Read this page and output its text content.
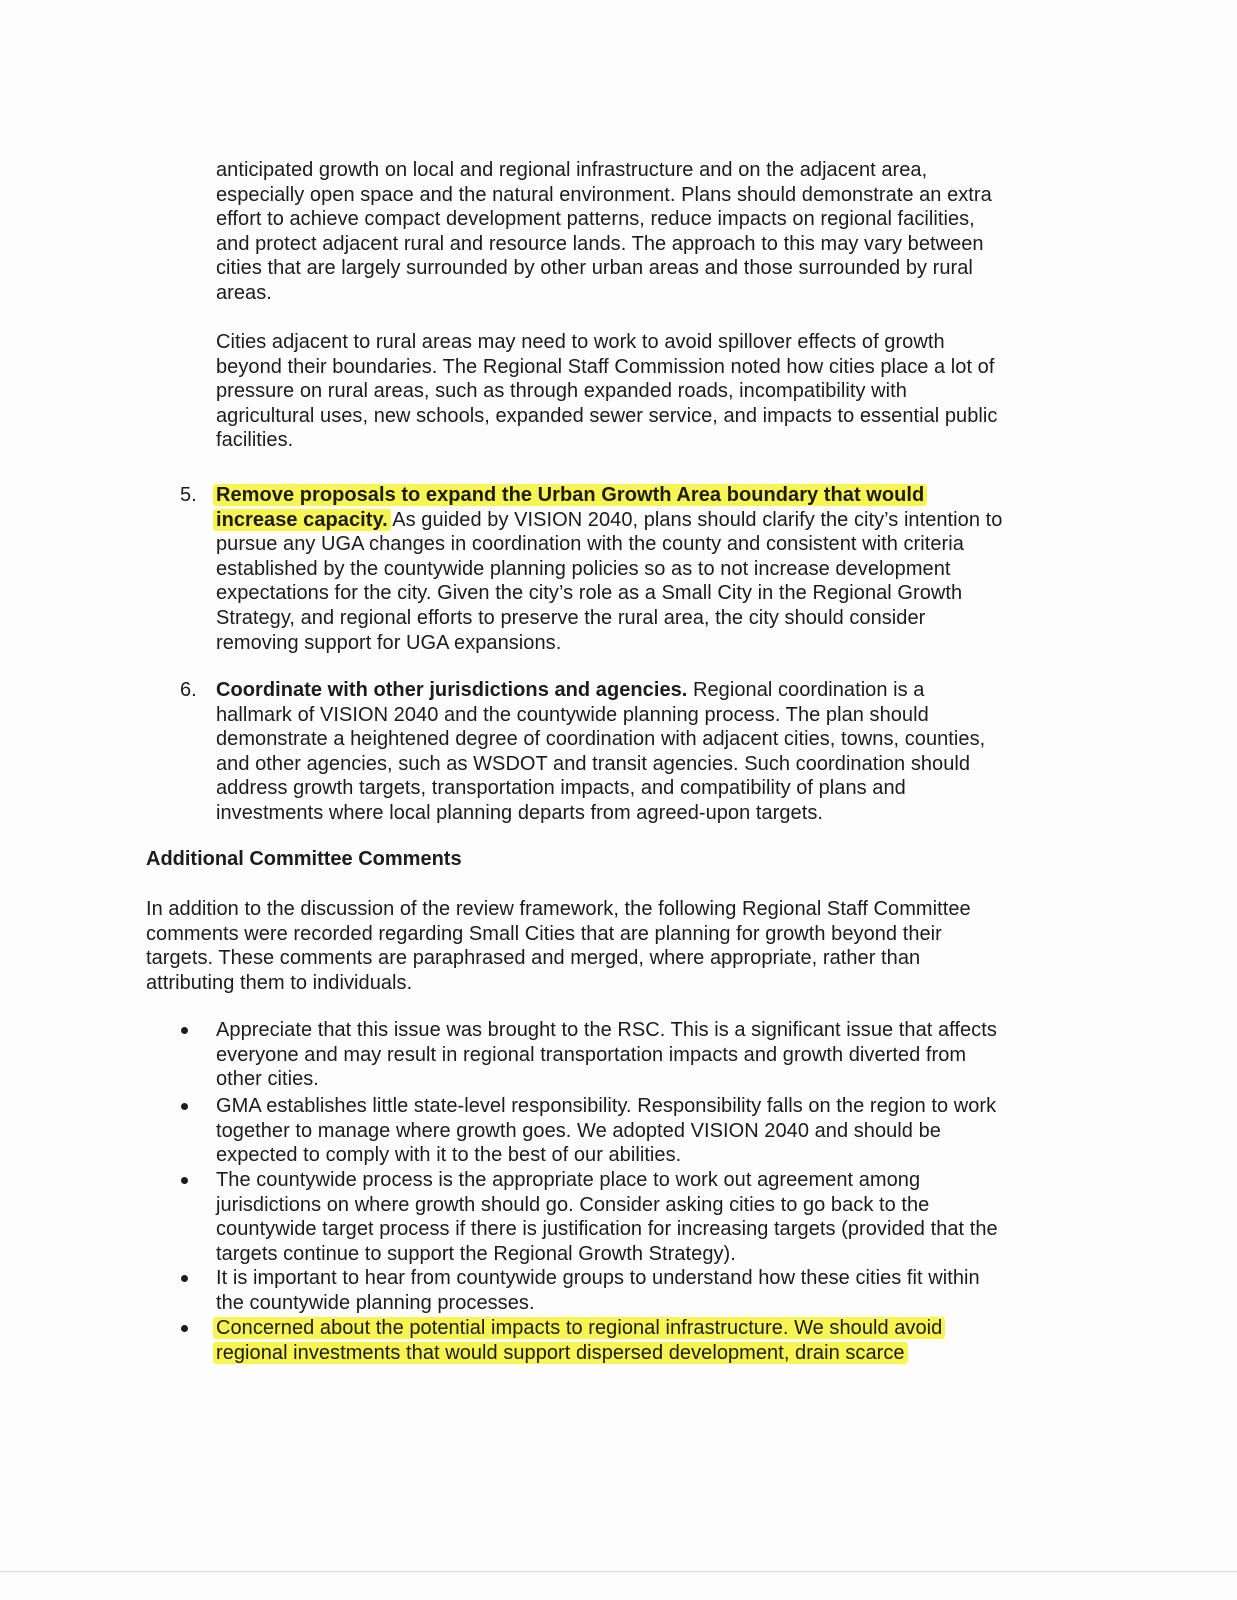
anticipated growth on local and regional infrastructure and on the adjacent area,
especially open space and the natural environment. Plans should demonstrate an extra
effort to achieve compact development patterns, reduce impacts on regional facilities,
and protect adjacent rural and resource lands. The approach to this may vary between
cities that are largely surrounded by other urban areas and those surrounded by rural
areas.
Cities adjacent to rural areas may need to work to avoid spillover effects of growth
beyond their boundaries. The Regional Staff Commission noted how cities place a lot of
pressure on rural areas, such as through expanded roads, incompatibility with
agricultural uses, new schools, expanded sewer service, and impacts to essential public
facilities.
5. Remove proposals to expand the Urban Growth Area boundary that would
increase capacity. As guided by VISION 2040, plans should clarify the city’s intention to
pursue any UGA changes in coordination with the county and consistent with criteria
established by the countywide planning policies so as to not increase development
expectations for the city. Given the city’s role as a Small City in the Regional Growth
Strategy, and regional efforts to preserve the rural area, the city should consider
removing support for UGA expansions.
6. Coordinate with other jurisdictions and agencies. Regional coordination is a
hallmark of VISION 2040 and the countywide planning process. The plan should
demonstrate a heightened degree of coordination with adjacent cities, towns, counties,
and other agencies, such as WSDOT and transit agencies. Such coordination should
address growth targets, transportation impacts, and compatibility of plans and
investments where local planning departs from agreed-upon targets.
Additional Committee Comments
In addition to the discussion of the review framework, the following Regional Staff Committee
comments were recorded regarding Small Cities that are planning for growth beyond their
targets. These comments are paraphrased and merged, where appropriate, rather than
attributing them to individuals.
Appreciate that this issue was brought to the RSC. This is a significant issue that affects
everyone and may result in regional transportation impacts and growth diverted from
other cities.
GMA establishes little state-level responsibility. Responsibility falls on the region to work
together to manage where growth goes. We adopted VISION 2040 and should be
expected to comply with it to the best of our abilities.
The countywide process is the appropriate place to work out agreement among
jurisdictions on where growth should go. Consider asking cities to go back to the
countywide target process if there is justification for increasing targets (provided that the
targets continue to support the Regional Growth Strategy).
It is important to hear from countywide groups to understand how these cities fit within
the countywide planning processes.
Concerned about the potential impacts to regional infrastructure. We should avoid
regional investments that would support dispersed development, drain scarce
